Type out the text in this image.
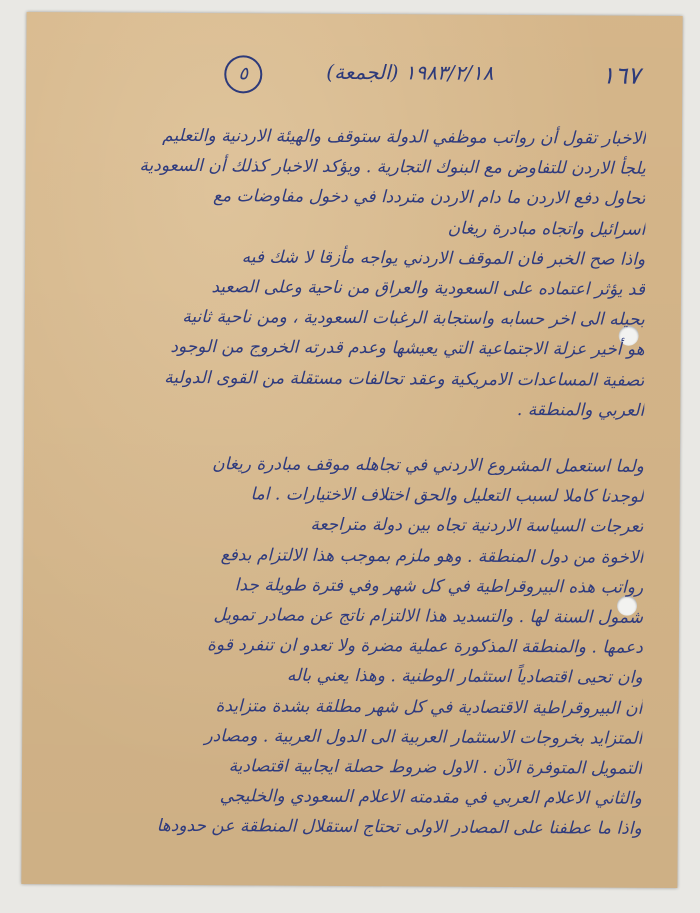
١٦٧
٥	(الجمعة) ١٩٨٣/٢/١٨
الاخبار تقول أن رواتب موظفي الدولة ستوقف والهيئة الاردنية والتعليم
يلجأ الاردن للتفاوض مع البنوك التجارية . ويؤكد الاخبار كذلك أن السعودية
تحاول دفع الاردن ما دام الاردن مترددا في دخول مفاوضات مع
اسرائيل واتجاه مبادرة ريغان
واذا صح الخبر فان الموقف الاردني يواجه مأزقا لا شك فيه
قد يؤثر اعتماده على السعودية والعراق من ناحية وعلى الصعيد
بحيله الى اخر حسابه واستجابة الرغبات السعودية ، ومن ناحية ثانية
هو أخير عزلة الاجتماعية التي يعيشها وعدم قدرته الخروج من الوجود
تصفية المساعدات الامريكية وعقد تحالفات مستقلة من القوى الدولية
العربي والمنطقة .
ولما استعمل المشروع الاردني في تجاهله موقف مبادرة ريغان
لوجدنا كاملا لسبب التعليل والحق اختلاف الاختيارات . اما
تعرجات السياسة الاردنية تجاه بين دولة متراجعة
الاخوة من دول المنطقة . وهو ملزم بموجب هذا الالتزام بدفع
رواتب هذه البيروقراطية في كل شهر وفي فترة طويلة جدا
شمول السنة لها . والتسديد هذا الالتزام ناتج عن مصادر تمويل
دعمها . والمنطقة المذكورة عملية مضرة ولا تعدو ان تنفرد قوة
وان تحيى اقتصادياً استثمار الوطنية . وهذا يعني باله
أن البيروقراطية الاقتصادية في كل شهر مطلقة بشدة متزايدة
المتزايد بخروجات الاستثمار العربية الى الدول العربية . ومصادر
التمويل المتوفرة الآن . الاول ضروط حصلة ايجابية اقتصادية
والثاني الاعلام العربي في مقدمته الاعلام السعودي والخليجي
واذا ما عطفنا على المصادر الاولى تحتاج استقلال المنطقة عن حدودها
